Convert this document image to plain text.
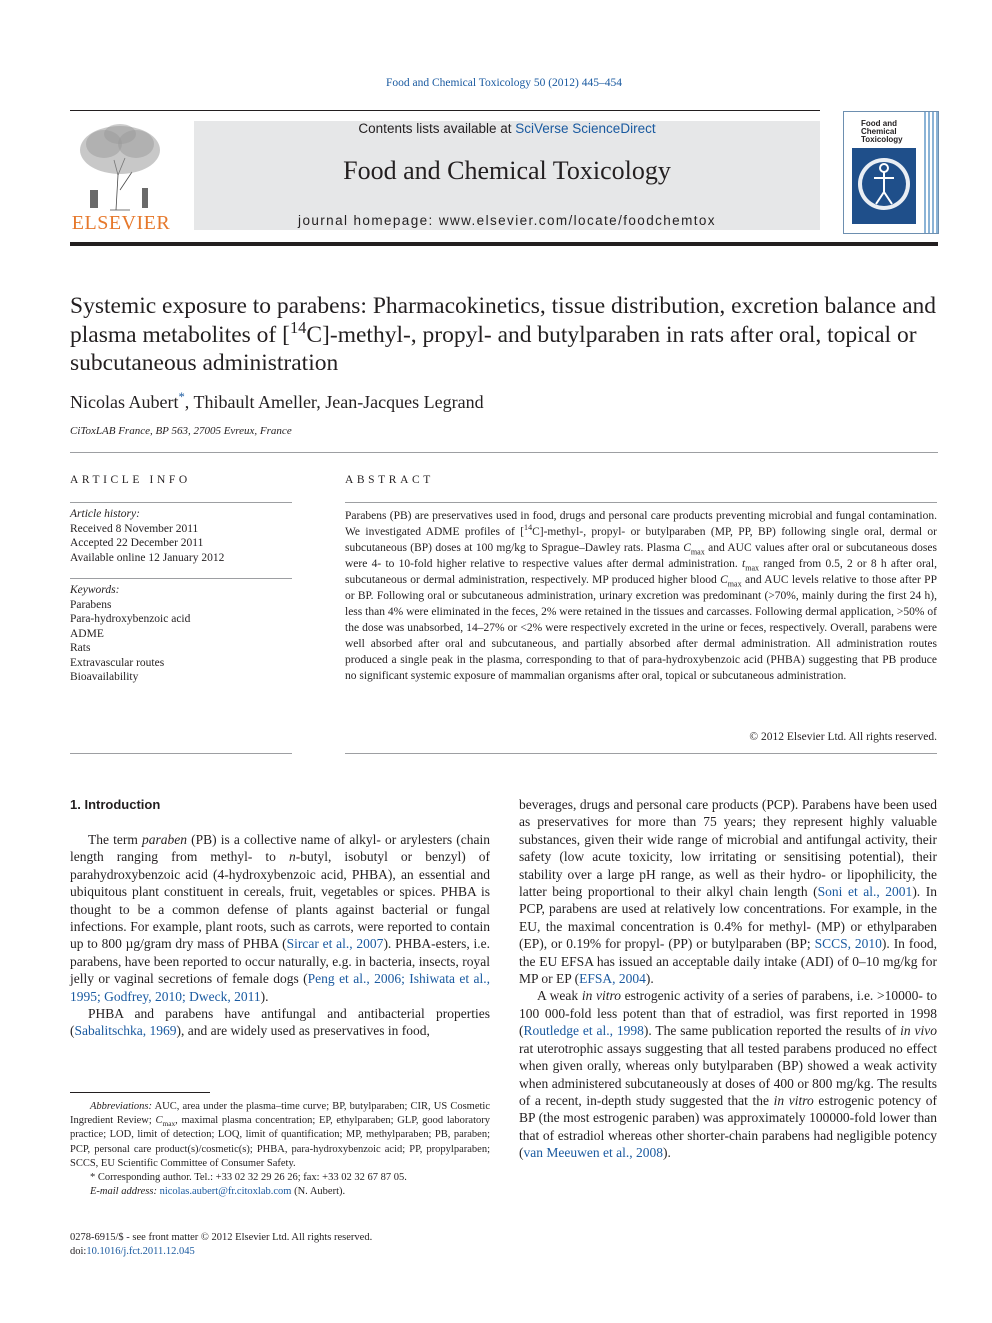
Food and Chemical Toxicology 50 (2012) 445–454
ELSEVIER
Contents lists available at SciVerse ScienceDirect
Food and Chemical Toxicology
journal homepage: www.elsevier.com/locate/foodchemtox
Food and Chemical Toxicology
Systemic exposure to parabens: Pharmacokinetics, tissue distribution, excretion balance and plasma metabolites of [$^{14}$C]-methyl-, propyl- and butylparaben in rats after oral, topical or subcutaneous administration
Nicolas Aubert*, Thibault Ameller, Jean-Jacques Legrand
CiToxLAB France, BP 563, 27005 Evreux, France
ARTICLE INFO
Article history:
Received 8 November 2011
Accepted 22 December 2011
Available online 12 January 2012
Keywords:
Parabens
Para-hydroxybenzoic acid
ADME
Rats
Extravascular routes
Bioavailability
ABSTRACT
Parabens (PB) are preservatives used in food, drugs and personal care products preventing microbial and fungal contamination. We investigated ADME profiles of [$^{14}$C]-methyl-, propyl- or butylparaben (MP, PP, BP) following single oral, dermal or subcutaneous (BP) doses at 100 mg/kg to Sprague–Dawley rats. Plasma $C_{max}$ and AUC values after oral or subcutaneous doses were 4- to 10-fold higher relative to respective values after dermal administration. $t_{max}$ ranged from 0.5, 2 or 8 h after oral, subcutaneous or dermal administration, respectively. MP produced higher blood $C_{max}$ and AUC levels relative to those after PP or BP. Following oral or subcutaneous administration, urinary excretion was predominant (>70%, mainly during the first 24 h), less than 4% were eliminated in the feces, 2% were retained in the tissues and carcasses. Following dermal application, >50% of the dose was unabsorbed, 14–27% or <2% were respectively excreted in the urine or feces, respectively. Overall, parabens were well absorbed after oral and subcutaneous, and partially absorbed after dermal administration. All administration routes produced a single peak in the plasma, corresponding to that of para-hydroxybenzoic acid (PHBA) suggesting that PB produce no significant systemic exposure of mammalian organisms after oral, topical or subcutaneous administration.
© 2012 Elsevier Ltd. All rights reserved.
1. Introduction

The term paraben (PB) is a collective name of alkyl- or arylesters (chain length ranging from methyl- to n-butyl, isobutyl or benzyl) of parahydroxybenzoic acid (4-hydroxybenzoic acid, PHBA), an essential and ubiquitous plant constituent in cereals, fruit, vegetables or spices. PHBA is thought to be a common defense of plants against bacterial or fungal infections. For example, plant roots, such as carrots, were reported to contain up to 800 µg/gram dry mass of PHBA (Sircar et al., 2007). PHBA-esters, i.e. parabens, have been reported to occur naturally, e.g. in bacteria, insects, royal jelly or vaginal secretions of female dogs (Peng et al., 2006; Ishiwata et al., 1995; Godfrey, 2010; Dweck, 2011).

PHBA and parabens have antifungal and antibacterial properties (Sabalitschka, 1969), and are widely used as preservatives in food,

beverages, drugs and personal care products (PCP). Parabens have been used as preservatives for more than 75 years; they represent highly valuable substances, given their wide range of microbial and antifungal activity, their safety (low acute toxicity, low irritating or sensitising potential), their stability over a large pH range, as well as their hydro- or lipophilicity, the latter being proportional to their alkyl chain length (Soni et al., 2001). In PCP, parabens are used at relatively low concentrations. For example, in the EU, the maximal concentration is 0.4% for methyl- (MP) or ethylparaben (EP), or 0.19% for propyl- (PP) or butylparaben (BP; SCCS, 2010). In food, the EU EFSA has issued an acceptable daily intake (ADI) of 0–10 mg/kg for MP or EP (EFSA, 2004).

A weak in vitro estrogenic activity of a series of parabens, i.e. >10000- to 100 000-fold less potent than that of estradiol, was first reported in 1998 (Routledge et al., 1998). The same publication reported the results of in vivo rat uterotrophic assays suggesting that all tested parabens produced no effect when given orally, whereas only butylparaben (BP) showed a weak activity when administered subcutaneously at doses of 400 or 800 mg/kg. The results of a recent, in-depth study suggested that the in vitro estrogenic potency of BP (the most estrogenic paraben) was approximately 100000-fold lower than that of estradiol whereas other shorter-chain parabens had negligible potency (van Meeuwen et al., 2008).

Abbreviations: AUC, area under the plasma–time curve; BP, butylparaben; CIR, US Cosmetic Ingredient Review; $C_{max}$, maximal plasma concentration; EP, ethylparaben; GLP, good laboratory practice; LOD, limit of detection; LOQ, limit of quantification; MP, methylparaben; PB, paraben; PCP, personal care product(s)/cosmetic(s); PHBA, para-hydroxybenzoic acid; PP, propylparaben; SCCS, EU Scientific Committee of Consumer Safety.

* Corresponding author. Tel.: +33 02 32 29 26 26; fax: +33 02 32 67 87 05.

E-mail address: nicolas.aubert@fr.citoxlab.com (N. Aubert).

0278-6915/$ - see front matter © 2012 Elsevier Ltd. All rights reserved.
doi:10.1016/j.fct.2011.12.045
